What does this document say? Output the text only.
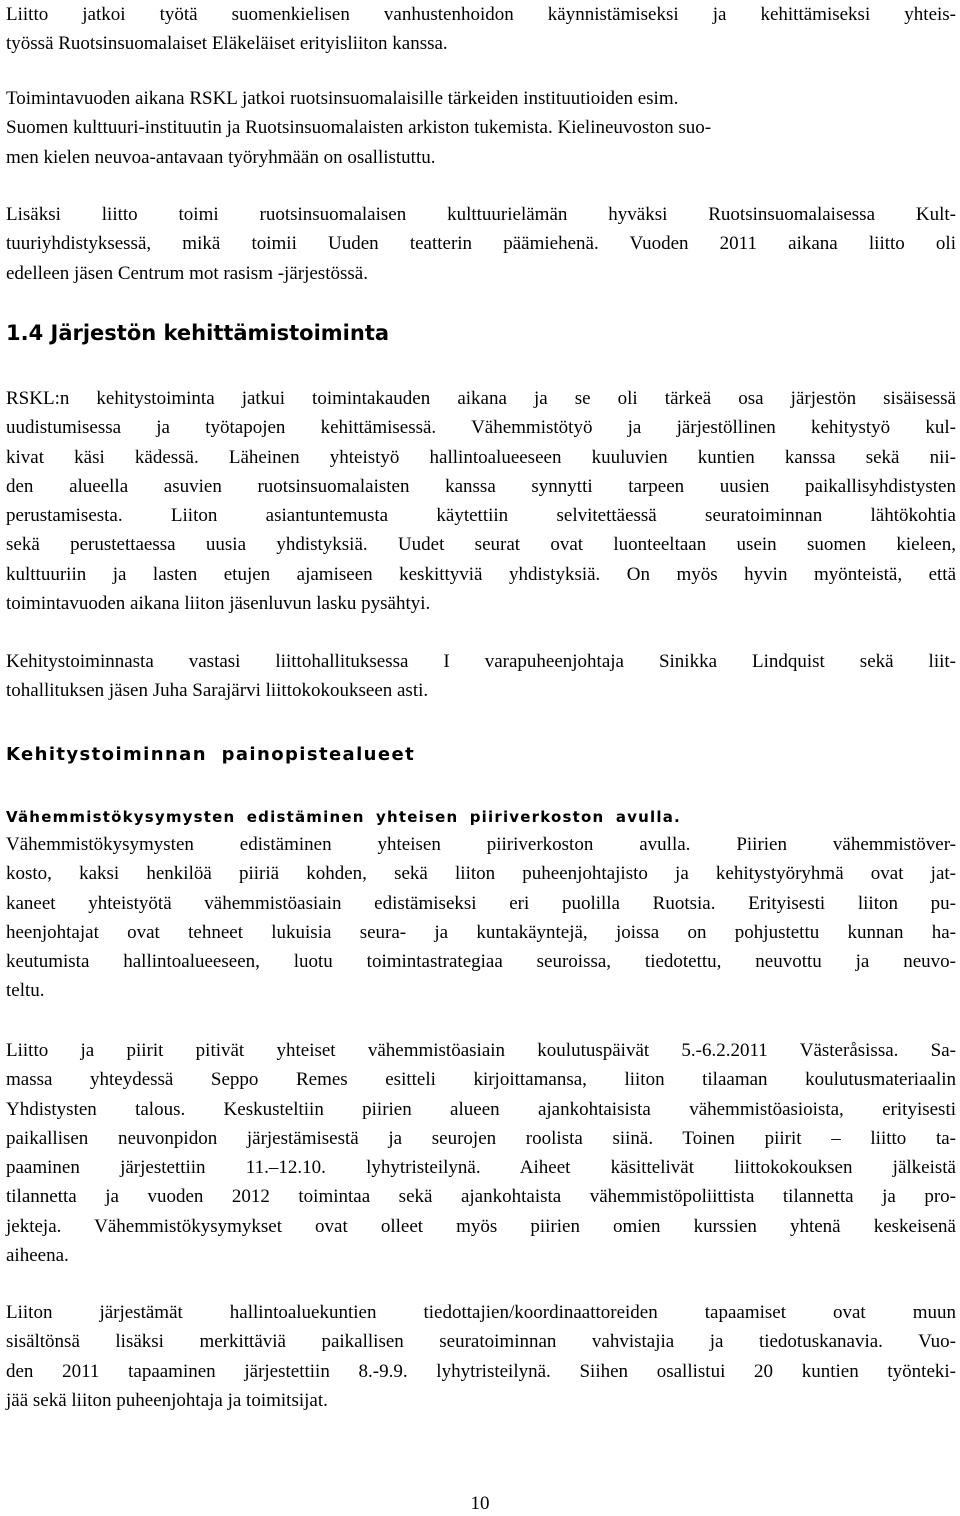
Liitto jatkoi työtä suomenkielisen vanhustenhoidon käynnistämiseksi ja kehittämiseksi yhteis-
työssä Ruotsinsuomalaiset Eläkeläiset erityisliiton kanssa.
Toimintavuoden aikana RSKL jatkoi ruotsinsuomalaisille tärkeiden instituutioiden esim.
Suomen kulttuuri-instituutin ja Ruotsinsuomalaisten arkiston tukemista. Kielineuvoston suo-
men kielen neuvoa-antavaan työryhmään on osallistuttu.
Lisäksi liitto toimi ruotsinsuomalaisen kulttuurielämän hyväksi Ruotsinsuomalaisessa Kult-
tuuriyhdistyksessä, mikä toimii Uuden teatterin päämiehenä. Vuoden 2011 aikana liitto oli
edelleen jäsen Centrum mot rasism -järjestössä.
1.4 Järjestön kehittämistoiminta
RSKL:n kehitystoiminta jatkui toimintakauden aikana ja se oli tärkeä osa järjestön sisäisessä
uudistumisessa ja työtapojen kehittämisessä. Vähemmistötyö ja järjestöllinen kehitystyö kul-
kivat käsi kädessä. Läheinen yhteistyö hallintoalueeseen kuuluvien kuntien kanssa sekä nii-
den alueella asuvien ruotsinsuomalaisten kanssa synnytti tarpeen uusien paikallisyhdistysten
perustamisesta. Liiton asiantuntemusta käytettiin selvitettäessä seuratoiminnan lähtökohtia
sekä perustettaessa uusia yhdistyksiä. Uudet seurat ovat luonteeltaan usein suomen kieleen,
kulttuuriin ja lasten etujen ajamiseen keskittyviä yhdistyksiä. On myös hyvin myönteistä, että
toimintavuoden aikana liiton jäsenluvun lasku pysähtyi.
Kehitystoiminnasta vastasi liittohallituksessa I varapuheenjohtaja Sinikka Lindquist sekä liit-
tohallituksen jäsen Juha Sarajärvi liittokokoukseen asti.
Kehitystoiminnan painopistealueet
Vähemmistökysymysten edistäminen yhteisen piiriverkoston avulla.
Vähemmistökysymysten edistäminen yhteisen piiriverkoston avulla. Piirien vähemmistöver-
kosto, kaksi henkilöä piiriä kohden, sekä liiton puheenjohtajisto ja kehitystyöryhmä ovat jat-
kaneet yhteistyötä vähemmistöasiain edistämiseksi eri puolilla Ruotsia. Erityisesti liiton pu-
heenjohtajat ovat tehneet lukuisia seura- ja kuntakäyntejä, joissa on pohjustettu kunnan ha-
keutumista hallintoalueeseen, luotu toimintastrategiaa seuroissa, tiedotettu, neuvottu ja neuvo-
teltu.
Liitto ja piirit pitivät yhteiset vähemmistöasiain koulutuspäivät 5.-6.2.2011 Västeråsissa. Sa-
massa yhteydessä Seppo Remes esitteli kirjoittamansa, liiton tilaaman koulutusmateriaalin
Yhdistysten talous. Keskusteltiin piirien alueen ajankohtaisista vähemmistöasioista, erityisesti
paikallisen neuvonpidon järjestämisestä ja seurojen roolista siinä. Toinen piirit – liitto ta-
paaminen järjestettiin 11.–12.10. lyhytristeilynä. Aiheet käsittelivät liittokokouksen jälkeistä
tilannetta ja vuoden 2012 toimintaa sekä ajankohtaista vähemmistöpoliittista tilannetta ja pro-
jekteja. Vähemmistökysymykset ovat olleet myös piirien omien kurssien yhtenä keskeisenä
aiheena.
Liiton järjestämät hallintoaluekuntien tiedottajien/koordinaattoreiden tapaamiset ovat muun
sisältönsä lisäksi merkittäviä paikallisen seuratoiminnan vahvistajia ja tiedotuskanavia. Vuo-
den 2011 tapaaminen järjestettiin 8.-9.9. lyhytristeilynä. Siihen osallistui 20 kuntien työnteki-
jää sekä liiton puheenjohtaja ja toimitsijat.
10
